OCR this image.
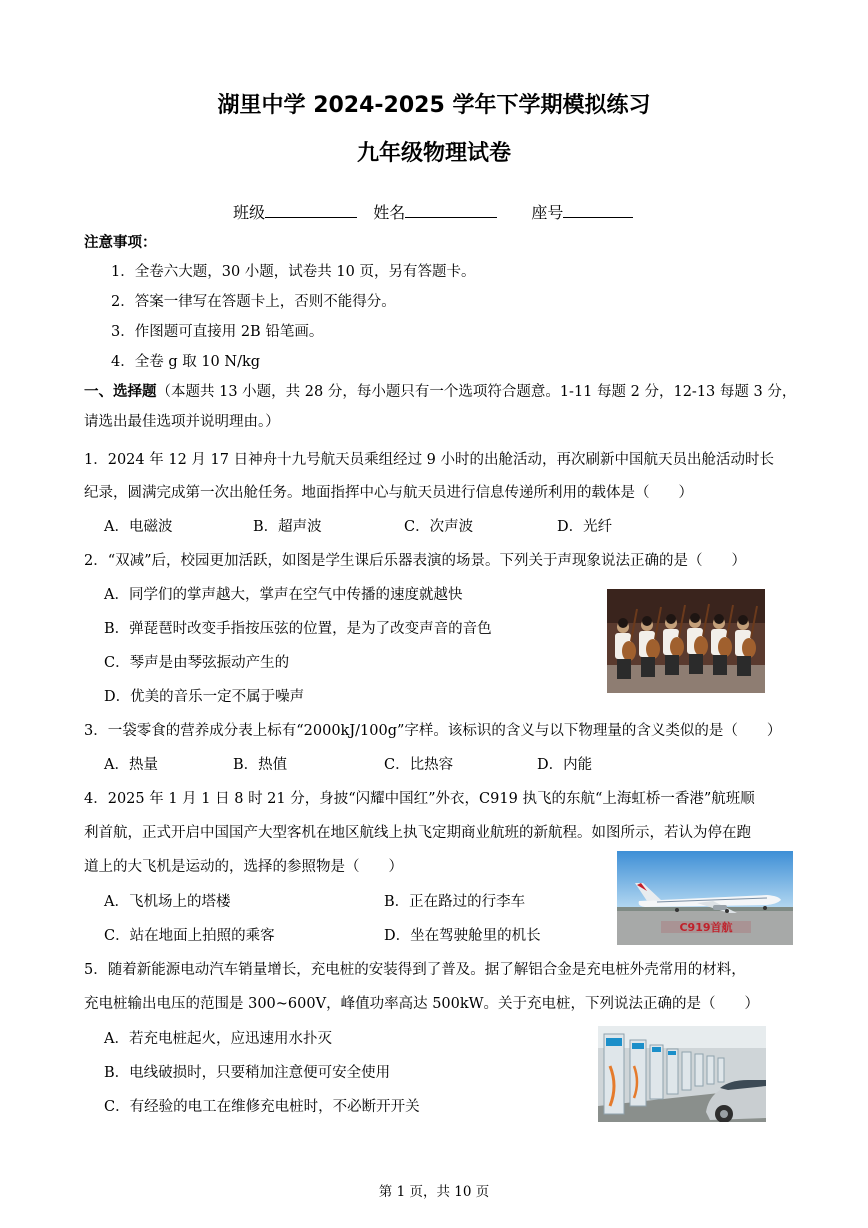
湖里中学 2024-2025 学年下学期模拟练习
九年级物理试卷
班级	姓名	座号
注意事项：
1．全卷六大题，30 小题，试卷共 10 页，另有答题卡。
2．答案一律写在答题卡上，否则不能得分。
3．作图题可直接用 2B 铅笔画。
4．全卷 g 取 10 N/kg
一、选择题（本题共 13 小题，共 28 分，每小题只有一个选项符合题意。1-11 每题 2 分，12-13 每题 3 分，
请选出最佳选项并说明理由。）
1．2024 年 12 月 17 日神舟十九号航天员乘组经过 9 小时的出舱活动，再次刷新中国航天员出舱活动时长
纪录，圆满完成第一次出舱任务。地面指挥中心与航天员进行信息传递所利用的载体是（　　）
A．电磁波	B．超声波	C．次声波	D．光纤
2．“双减”后，校园更加活跃，如图是学生课后乐器表演的场景。下列关于声现象说法正确的是（　　）
A．同学们的掌声越大，掌声在空气中传播的速度就越快
B．弹琵琶时改变手指按压弦的位置，是为了改变声音的音色
C．琴声是由琴弦振动产生的
D．优美的音乐一定不属于噪声
3．一袋零食的营养成分表上标有“2000kJ/100g”字样。该标识的含义与以下物理量的含义类似的是（　　）
A．热量	B．热值	C．比热容	D．内能
4．2025 年 1 月 1 日 8 时 21 分，身披“闪耀中国红”外衣，C919 执飞的东航“上海虹桥一香港”航班顺
利首航，正式开启中国国产大型客机在地区航线上执飞定期商业航班的新航程。如图所示，若认为停在跑
道上的大飞机是运动的，选择的参照物是（　　）
A．飞机场上的塔楼	B．正在路过的行李车
C．站在地面上拍照的乘客	D．坐在驾驶舱里的机长
C919首航
5．随着新能源电动汽车销量增长，充电桩的安装得到了普及。据了解铝合金是充电桩外壳常用的材料，
充电桩输出电压的范围是 300~600V，峰值功率高达 500kW。关于充电桩，下列说法正确的是（　　）
A．若充电桩起火，应迅速用水扑灭
B．电线破损时，只要稍加注意便可安全使用
C．有经验的电工在维修充电桩时，不必断开开关
第 1 页，共 10 页
